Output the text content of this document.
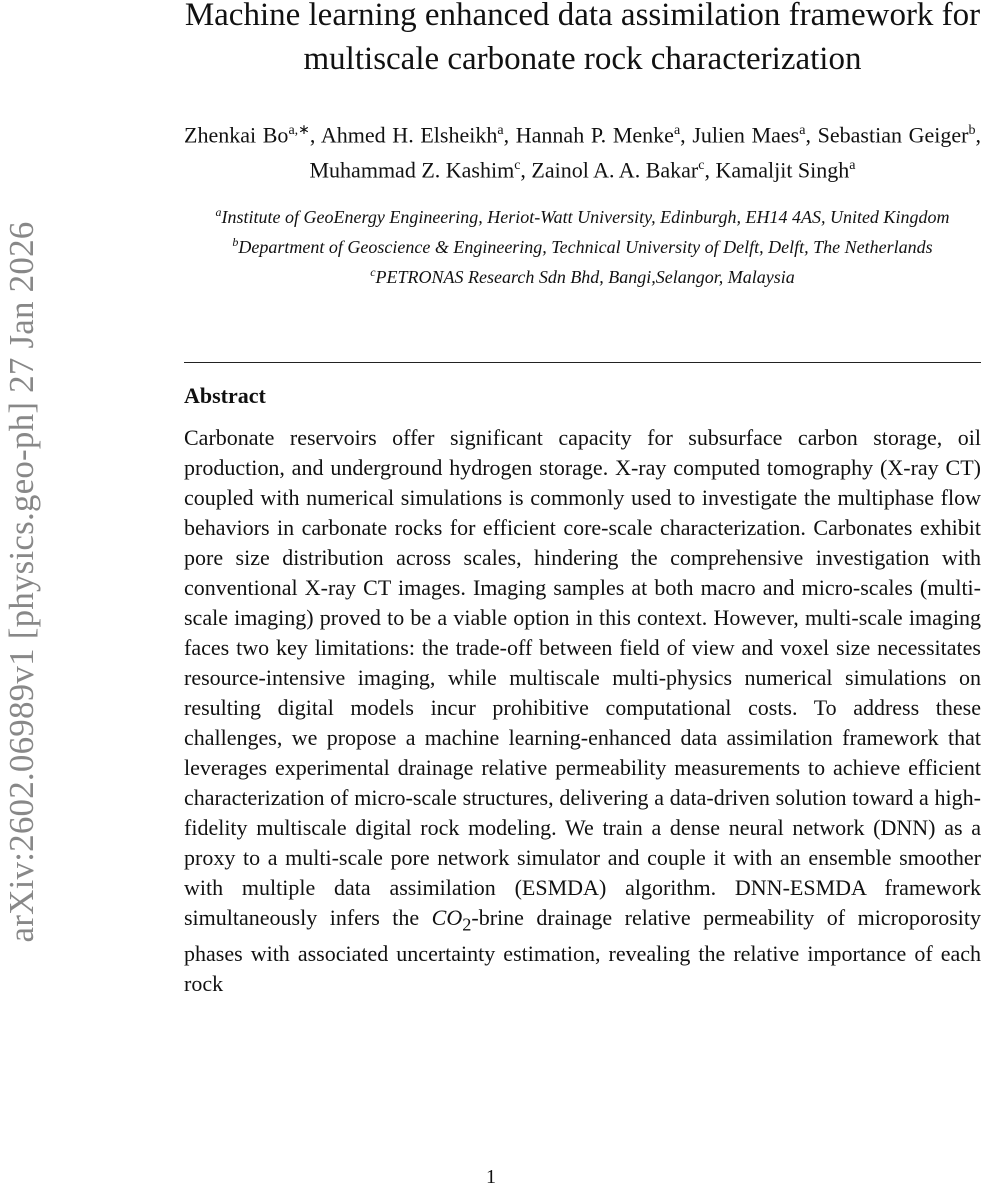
arXiv:2602.06989v1 [physics.geo-ph] 27 Jan 2026
Machine learning enhanced data assimilation framework for multiscale carbonate rock characterization
Zhenkai $Bo^{a,∗}$, Ahmed H. Elsheikh$^a$, Hannah P. Menke$^a$, Julien Maes$^a$, Sebastian Geiger$^b$, Muhammad Z. Kashim$^c$, Zainol A. A. Bakar$^c$, Kamaljit Singh$^a$
$^a$Institute of GeoEnergy Engineering, Heriot-Watt University, Edinburgh, EH14 4AS, United Kingdom
$^b$Department of Geoscience & Engineering, Technical University of Delft, Delft, The Netherlands
$^c$PETRONAS Research Sdn Bhd, Bangi,Selangor, Malaysia
Abstract
Carbonate reservoirs offer significant capacity for subsurface carbon storage, oil production, and underground hydrogen storage. X-ray computed tomography (X-ray CT) coupled with numerical simulations is commonly used to investigate the multiphase flow behaviors in carbonate rocks for efficient core-scale characterization. Carbonates exhibit pore size distribution across scales, hindering the comprehensive investigation with conventional X-ray CT images. Imaging samples at both macro and micro-scales (multi-scale imaging) proved to be a viable option in this context. However, multi-scale imaging faces two key limitations: the trade-off between field of view and voxel size necessitates resource-intensive imaging, while multiscale multi-physics numerical simulations on resulting digital models incur prohibitive computational costs. To address these challenges, we propose a machine learning-enhanced data assimilation framework that leverages experimental drainage relative permeability measurements to achieve efficient characterization of micro-scale structures, delivering a data-driven solution toward a high-fidelity multiscale digital rock modeling. We train a dense neural network (DNN) as a proxy to a multi-scale pore network simulator and couple it with an ensemble smoother with multiple data assimilation (ESMDA) algorithm. DNN-ESMDA framework simultaneously infers the $CO_2$-brine drainage relative permeability of microporosity phases with associated uncertainty estimation, revealing the relative importance of each rock
1
